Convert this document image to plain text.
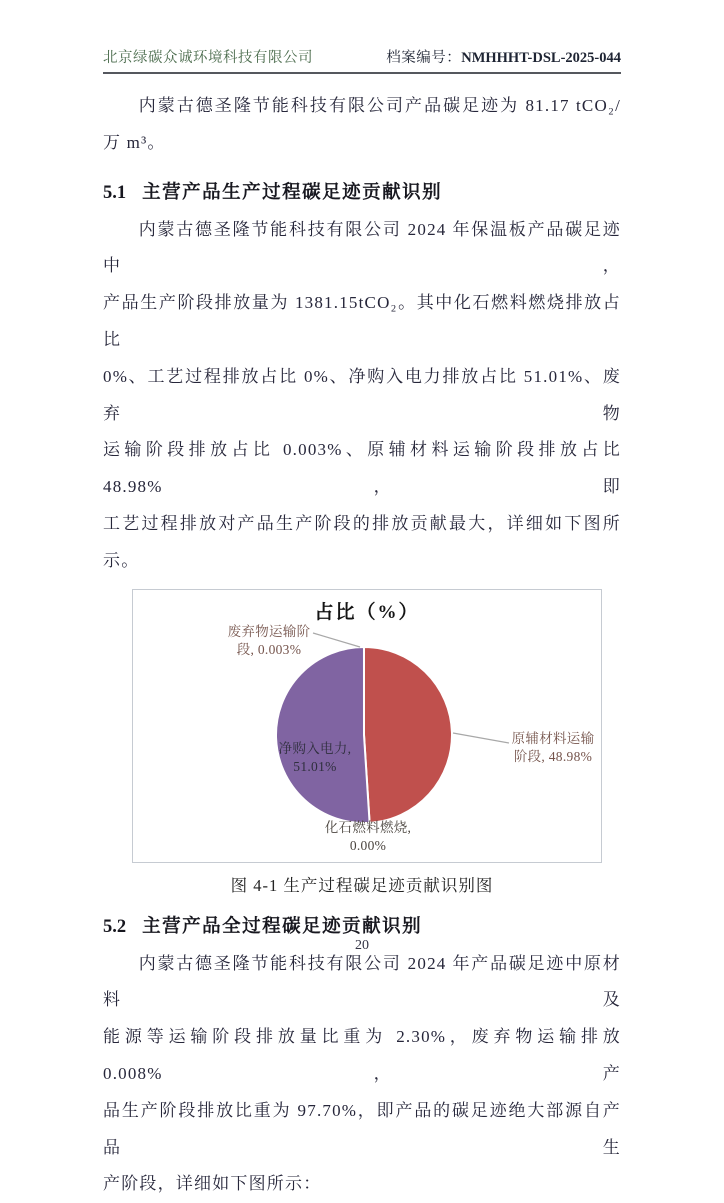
北京绿碳众诚环境科技有限公司	档案编号：NMHHHT-DSL-2025-044
内蒙古德圣隆节能科技有限公司产品碳足迹为 81.17 tCO₂/万 m³。
5.1 主营产品生产过程碳足迹贡献识别
内蒙古德圣隆节能科技有限公司 2024 年保温板产品碳足迹中，
产品生产阶段排放量为 1381.15tCO₂。其中化石燃料燃烧排放占比
0%、工艺过程排放占比 0%、净购入电力排放占比 51.01%、废弃物
运输阶段排放占比 0.003%、原辅材料运输阶段排放占比 48.98%，即
工艺过程排放对产品生产阶段的排放贡献最大，详细如下图所示。
占比（%）
废弃物运输阶
段, 0.003%
原辅材料运输
阶段, 48.98%
净购入电力,
51.01%
化石燃料燃烧,
0.00%
图 4-1 生产过程碳足迹贡献识别图
5.2 主营产品全过程碳足迹贡献识别
内蒙古德圣隆节能科技有限公司 2024 年产品碳足迹中原材料及
能源等运输阶段排放量比重为 2.30%，废弃物运输排放 0.008%，产
品生产阶段排放比重为 97.70%，即产品的碳足迹绝大部源自产品生
产阶段，详细如下图所示：
20
